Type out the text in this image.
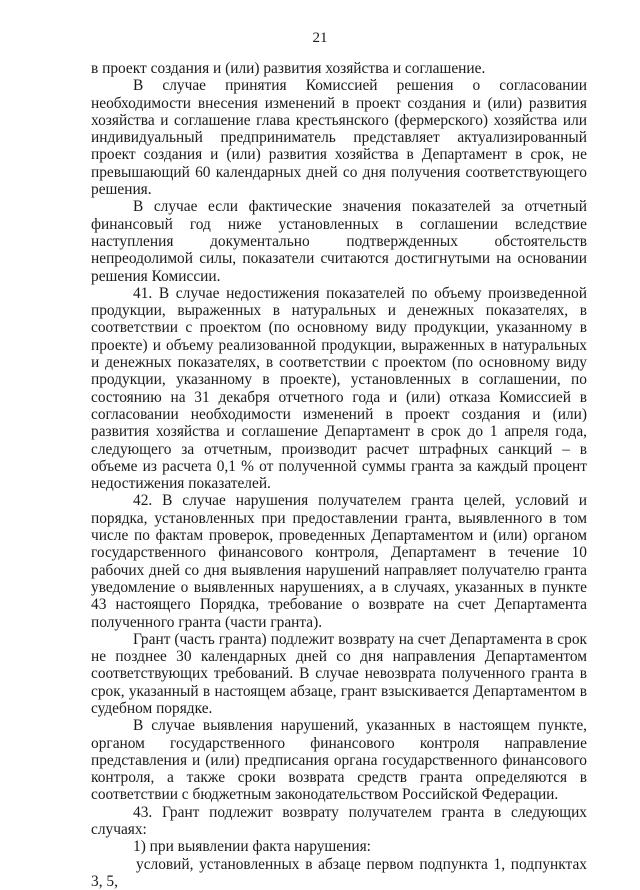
21

в проект создания и (или) развития хозяйства и соглашение.

В случае принятия Комиссией решения о согласовании необходимости внесения изменений в проект создания и (или) развития хозяйства и соглашение глава крестьянского (фермерского) хозяйства или индивидуальный предприниматель представляет актуализированный проект создания и (или) развития хозяйства в Департамент в срок, не превышающий 60 календарных дней со дня получения соответствующего решения.

В случае если фактические значения показателей за отчетный финансовый год ниже установленных в соглашении вследствие наступления документально подтвержденных обстоятельств непреодолимой силы, показатели считаются достигнутыми на основании решения Комиссии.

41. В случае недостижения показателей по объему произведенной продукции, выраженных в натуральных и денежных показателях, в соответствии с проектом (по основному виду продукции, указанному в проекте) и объему реализованной продукции, выраженных в натуральных и денежных показателях, в соответствии с проектом (по основному виду продукции, указанному в проекте), установленных в соглашении, по состоянию на 31 декабря отчетного года и (или) отказа Комиссией в согласовании необходимости изменений в проект создания и (или) развития хозяйства и соглашение Департамент в срок до 1 апреля года, следующего за отчетным, производит расчет штрафных санкций – в объеме из расчета 0,1 % от полученной суммы гранта за каждый процент недостижения показателей.

42. В случае нарушения получателем гранта целей, условий и порядка, установленных при предоставлении гранта, выявленного в том числе по фактам проверок, проведенных Департаментом и (или) органом государственного финансового контроля, Департамент в течение 10 рабочих дней со дня выявления нарушений направляет получателю гранта уведомление о выявленных нарушениях, а в случаях, указанных в пункте 43 настоящего Порядка, требование о возврате на счет Департамента полученного гранта (части гранта).

Грант (часть гранта) подлежит возврату на счет Департамента в срок не позднее 30 календарных дней со дня направления Департаментом соответствующих требований. В случае невозврата полученного гранта в срок, указанный в настоящем абзаце, грант взыскивается Департаментом в судебном порядке.

В случае выявления нарушений, указанных в настоящем пункте, органом государственного финансового контроля направление представления и (или) предписания органа государственного финансового контроля, а также сроки возврата средств гранта определяются в соответствии с бюджетным законодательством Российской Федерации.

43. Грант подлежит возврату получателем гранта в следующих случаях:

1) при выявлении факта нарушения:

условий, установленных в абзаце первом подпункта 1, подпунктах 3, 5,
